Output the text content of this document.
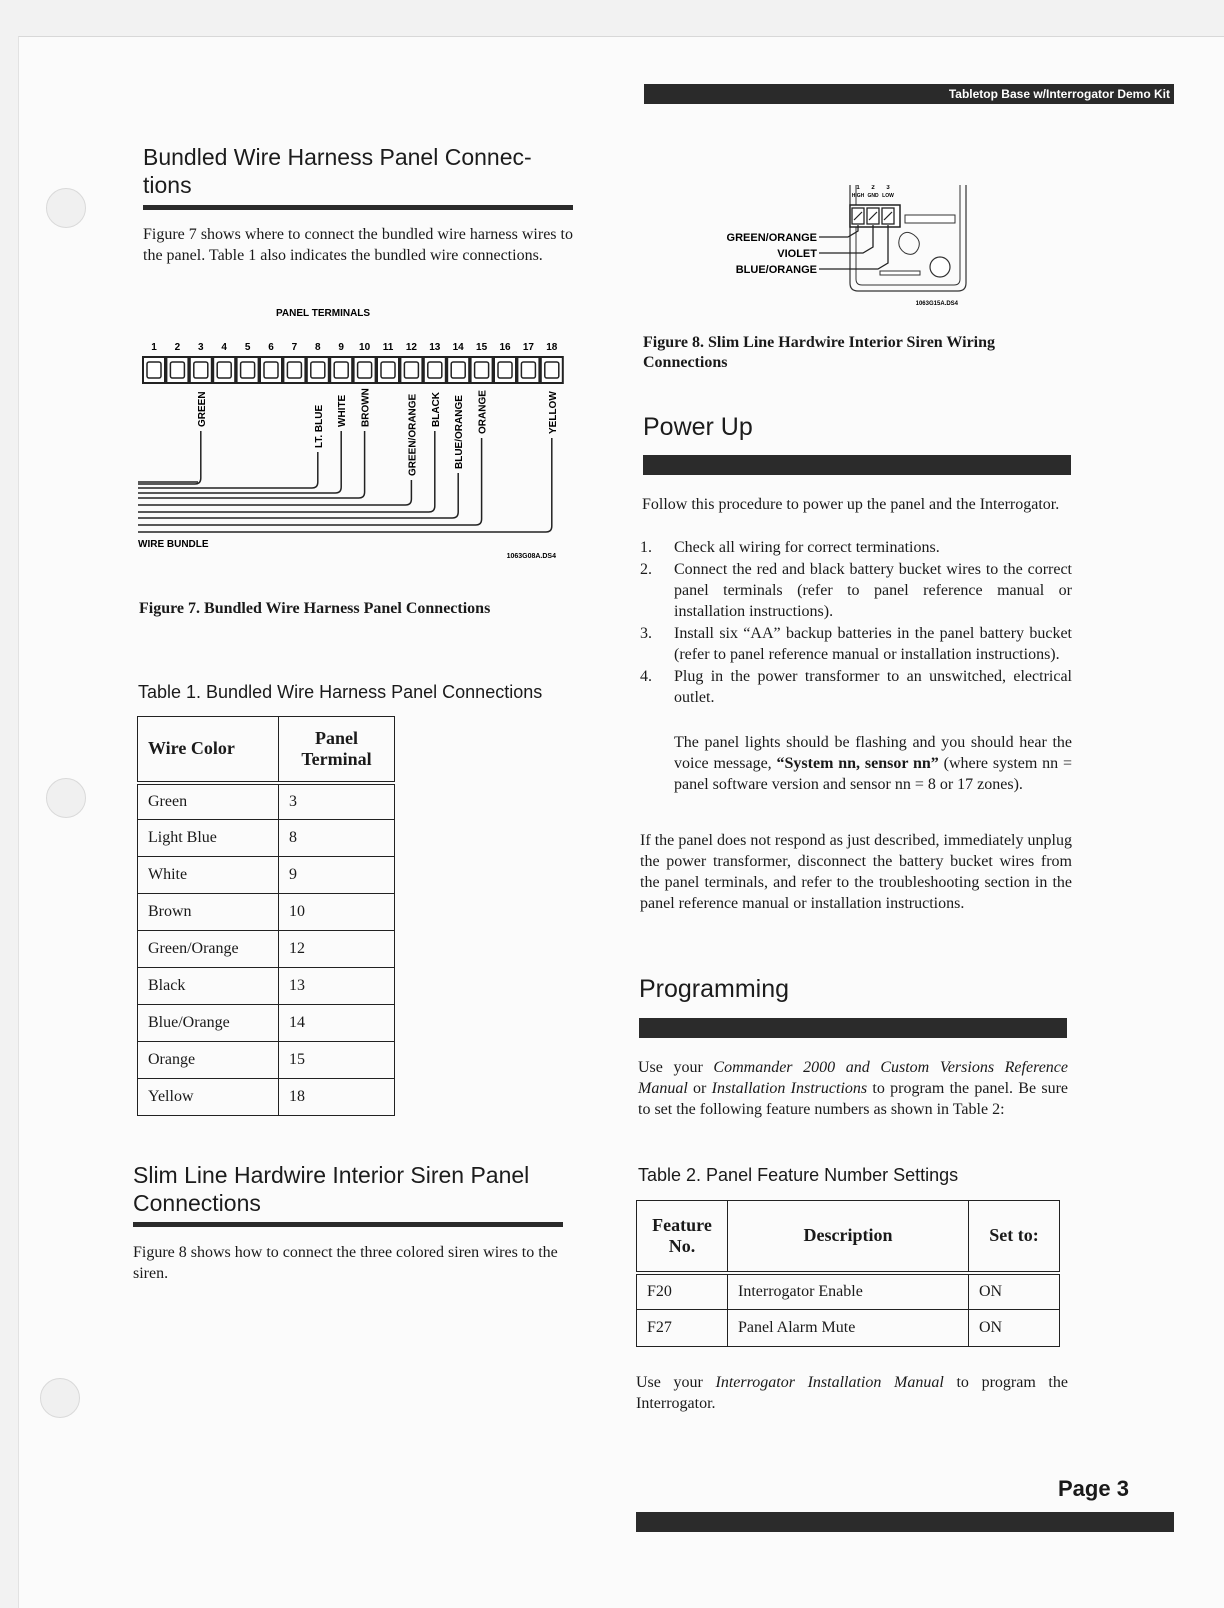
Tabletop Base w/Interrogator Demo Kit
Bundled Wire Harness Panel Connec-
tions
Figure 7 shows where to connect the bundled wire harness wires to the panel. Table 1 also indicates the bundled wire connections.
PANEL TERMINALS
1 2 3 4 5 6 7 8 9 10 11 12 13 14 15 16 17 18
GREEN	LT. BLUE WHITE BROWN	GREEN/ORANGE BLACK BLUE/ORANGE ORANGE	YELLOW
WIRE BUNDLE
1063G08A.DS4
Figure 7. Bundled Wire Harness Panel Connections
Table 1. Bundled Wire Harness Panel Connections
Wire Color	Panel Terminal
Green	3
Light Blue	8
White	9
Brown	10
Green/Orange	12
Black	13
Blue/Orange	14
Orange	15
Yellow	18
Slim Line Hardwire Interior Siren Panel
Connections
Figure 8 shows how to connect the three colored siren wires to the siren.
1
HIGH
2
GND
3
LOW
GREEN/ORANGE
VIOLET
BLUE/ORANGE
1063G15A.DS4
Figure 8. Slim Line Hardwire Interior Siren Wiring Connections
Power Up
Follow this procedure to power up the panel and the Interrogator.
1. Check all wiring for correct terminations.
2. Connect the red and black battery bucket wires to the correct panel terminals (refer to panel reference manual or installation instructions).
3. Install six “AA” backup batteries in the panel battery bucket (refer to panel reference manual or installation instructions).
4. Plug in the power transformer to an unswitched, electrical outlet.
The panel lights should be flashing and you should hear the voice message, “System nn, sensor nn” (where system nn = panel software version and sensor nn = 8 or 17 zones).
If the panel does not respond as just described, immediately unplug the power transformer, disconnect the battery bucket wires from the panel terminals, and refer to the troubleshooting section in the panel reference manual or installation instructions.
Programming
Use your Commander 2000 and Custom Versions Reference Manual or Installation Instructions to program the panel. Be sure to set the following feature numbers as shown in Table 2:
Table 2. Panel Feature Number Settings
Feature No.	Description	Set to:
F20	Interrogator Enable	ON
F27	Panel Alarm Mute	ON
Use your Interrogator Installation Manual to program the Interrogator.
Page 3
